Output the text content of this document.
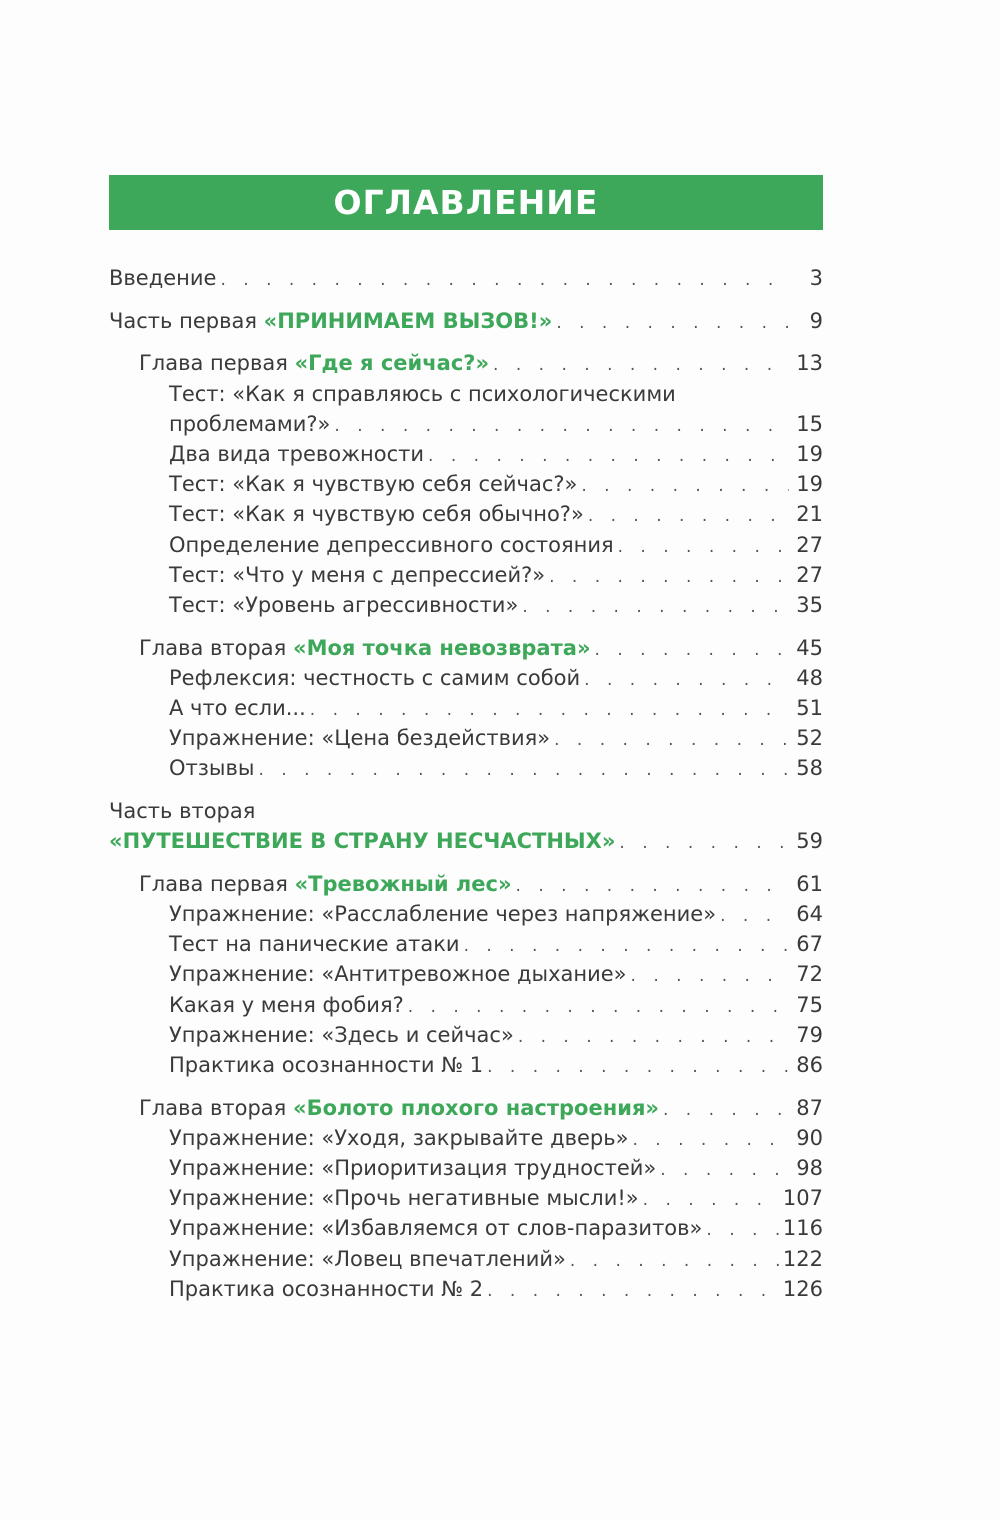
ОГЛАВЛЕНИЕ
Введение . . .	3
Часть первая «ПРИНИМАЕМ ВЫЗОВ!» . . .	9
Глава первая «Где я сейчас?» . . .	13
Тест: «Как я справляюсь с психологическими
проблемами?» . . .	15
Два вида тревожности . . .	19
Тест: «Как я чувствую себя сейчас?» . . .	19
Тест: «Как я чувствую себя обычно?» . . .	21
Определение депрессивного состояния . . .	27
Тест: «Что у меня с депрессией?» . . .	27
Тест: «Уровень агрессивности» . . .	35
Глава вторая «Моя точка невозврата» . . .	45
Рефлексия: честность с самим собой . . .	48
А что если... . . .	51
Упражнение: «Цена бездействия» . . .	52
Отзывы . . .	58
Часть вторая
«ПУТЕШЕСТВИЕ В СТРАНУ НЕСЧАСТНЫХ» . . .	59
Глава первая «Тревожный лес» . . .	61
Упражнение: «Расслабление через напряжение» . . .	64
Тест на панические атаки . . .	67
Упражнение: «Антитревожное дыхание» . . .	72
Какая у меня фобия? . . .	75
Упражнение: «Здесь и сейчас» . . .	79
Практика осознанности № 1 . . .	86
Глава вторая «Болото плохого настроения» . . .	87
Упражнение: «Уходя, закрывайте дверь» . . .	90
Упражнение: «Приоритизация трудностей» . . .	98
Упражнение: «Прочь негативные мысли!» . . .	107
Упражнение: «Избавляемся от слов-паразитов» . . .	116
Упражнение: «Ловец впечатлений» . . .	122
Практика осознанности № 2 . . .	126
